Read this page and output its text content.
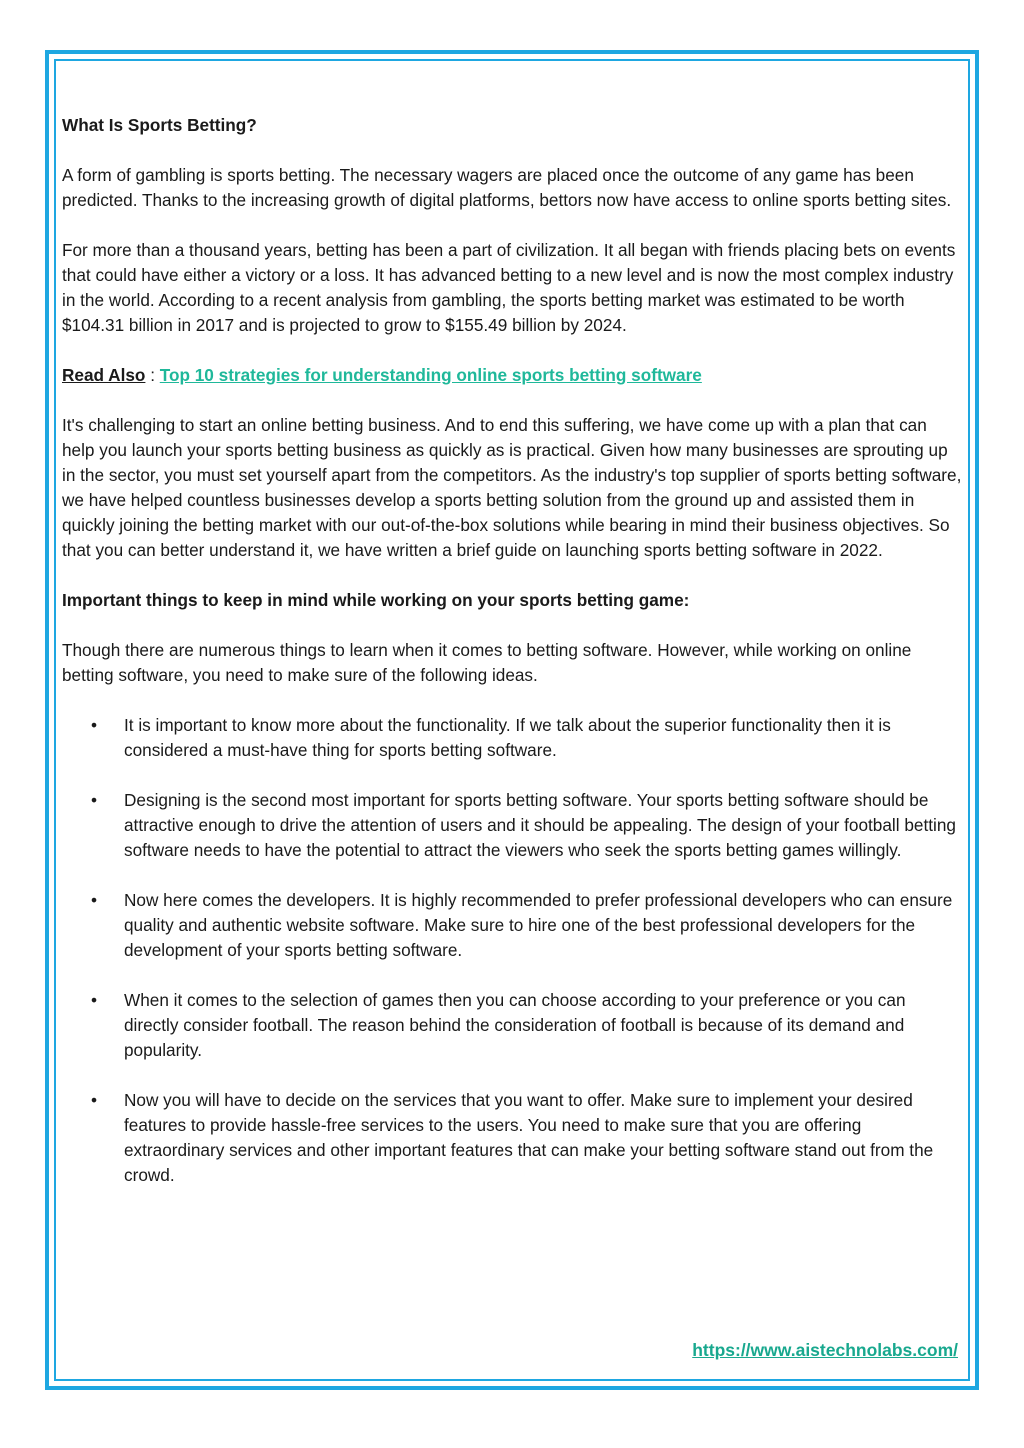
What Is Sports Betting?

A form of gambling is sports betting. The necessary wagers are placed once the outcome of any game has been predicted. Thanks to the increasing growth of digital platforms, bettors now have access to online sports betting sites.

For more than a thousand years, betting has been a part of civilization. It all began with friends placing bets on events that could have either a victory or a loss. It has advanced betting to a new level and is now the most complex industry in the world. According to a recent analysis from gambling, the sports betting market was estimated to be worth $104.31 billion in 2017 and is projected to grow to $155.49 billion by 2024.

Read Also : Top 10 strategies for understanding online sports betting software

It's challenging to start an online betting business. And to end this suffering, we have come up with a plan that can help you launch your sports betting business as quickly as is practical. Given how many businesses are sprouting up in the sector, you must set yourself apart from the competitors. As the industry's top supplier of sports betting software, we have helped countless businesses develop a sports betting solution from the ground up and assisted them in quickly joining the betting market with our out-of-the-box solutions while bearing in mind their business objectives. So that you can better understand it, we have written a brief guide on launching sports betting software in 2022.

Important things to keep in mind while working on your sports betting game:

Though there are numerous things to learn when it comes to betting software. However, while working on online betting software, you need to make sure of the following ideas.

• It is important to know more about the functionality. If we talk about the superior functionality then it is considered a must-have thing for sports betting software.
• Designing is the second most important for sports betting software. Your sports betting software should be attractive enough to drive the attention of users and it should be appealing. The design of your football betting software needs to have the potential to attract the viewers who seek the sports betting games willingly.
• Now here comes the developers. It is highly recommended to prefer professional developers who can ensure quality and authentic website software. Make sure to hire one of the best professional developers for the development of your sports betting software.
• When it comes to the selection of games then you can choose according to your preference or you can directly consider football. The reason behind the consideration of football is because of its demand and popularity.
• Now you will have to decide on the services that you want to offer. Make sure to implement your desired features to provide hassle-free services to the users. You need to make sure that you are offering extraordinary services and other important features that can make your betting software stand out from the crowd.
https://www.aistechnolabs.com/
